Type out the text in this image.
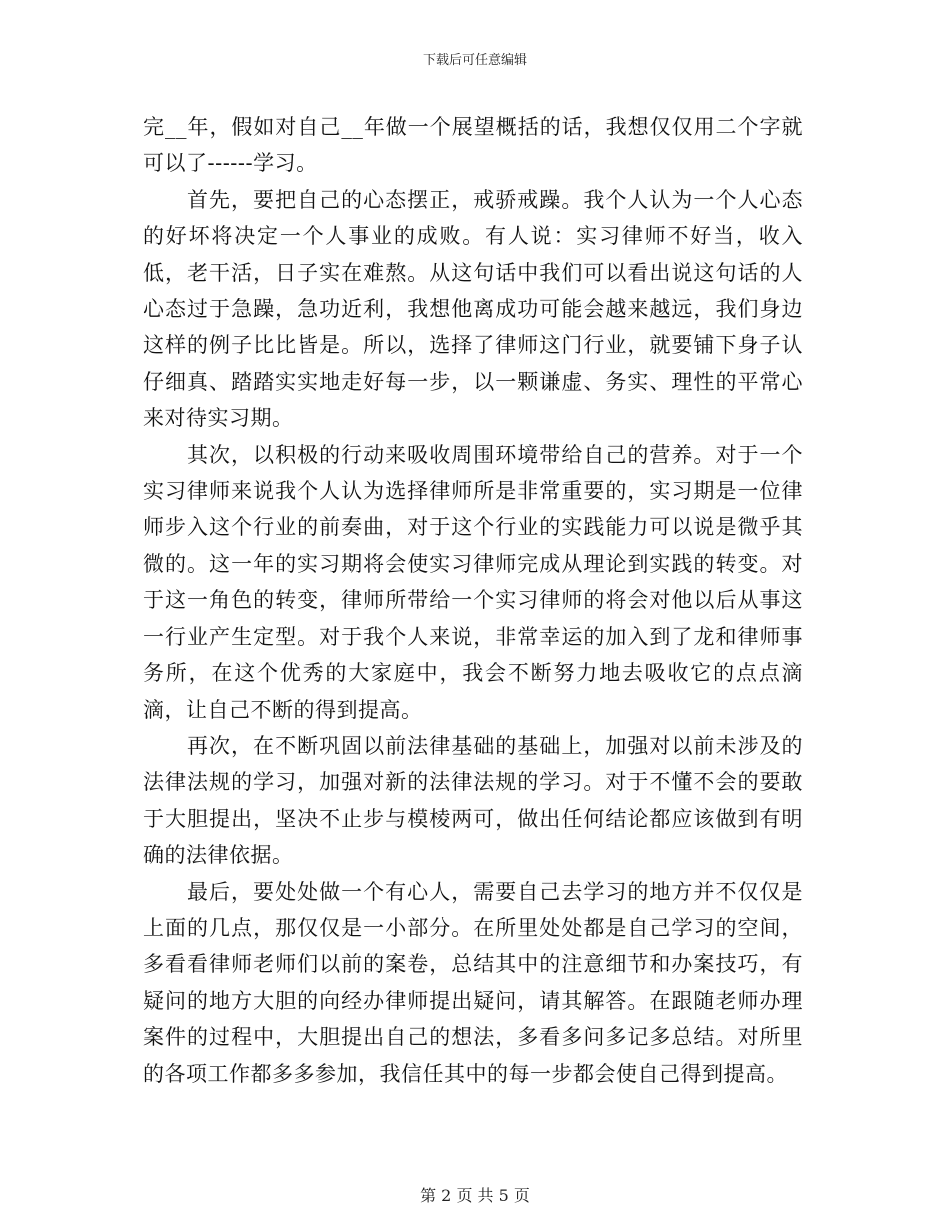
下载后可任意编辑

完__年，假如对自己__年做一个展望概括的话，我想仅仅用二个字就可以了------学习。

首先，要把自己的心态摆正，戒骄戒躁。我个人认为一个人心态的好坏将决定一个人事业的成败。有人说：实习律师不好当，收入低，老干活，日子实在难熬。从这句话中我们可以看出说这句话的人心态过于急躁，急功近利，我想他离成功可能会越来越远，我们身边这样的例子比比皆是。所以，选择了律师这门行业，就要铺下身子认仔细真、踏踏实实地走好每一步，以一颗谦虚、务实、理性的平常心来对待实习期。

其次，以积极的行动来吸收周围环境带给自己的营养。对于一个实习律师来说我个人认为选择律师所是非常重要的，实习期是一位律师步入这个行业的前奏曲，对于这个行业的实践能力可以说是微乎其微的。这一年的实习期将会使实习律师完成从理论到实践的转变。对于这一角色的转变，律师所带给一个实习律师的将会对他以后从事这一行业产生定型。对于我个人来说，非常幸运的加入到了龙和律师事务所，在这个优秀的大家庭中，我会不断努力地去吸收它的点点滴滴，让自己不断的得到提高。

再次，在不断巩固以前法律基础的基础上，加强对以前未涉及的法律法规的学习，加强对新的法律法规的学习。对于不懂不会的要敢于大胆提出，坚决不止步与模棱两可，做出任何结论都应该做到有明确的法律依据。

最后，要处处做一个有心人，需要自己去学习的地方并不仅仅是上面的几点，那仅仅是一小部分。在所里处处都是自己学习的空间，多看看律师老师们以前的案卷，总结其中的注意细节和办案技巧，有疑问的地方大胆的向经办律师提出疑问，请其解答。在跟随老师办理案件的过程中，大胆提出自己的想法，多看多问多记多总结。对所里的各项工作都多多参加，我信任其中的每一步都会使自己得到提高。

第 2 页 共 5 页
